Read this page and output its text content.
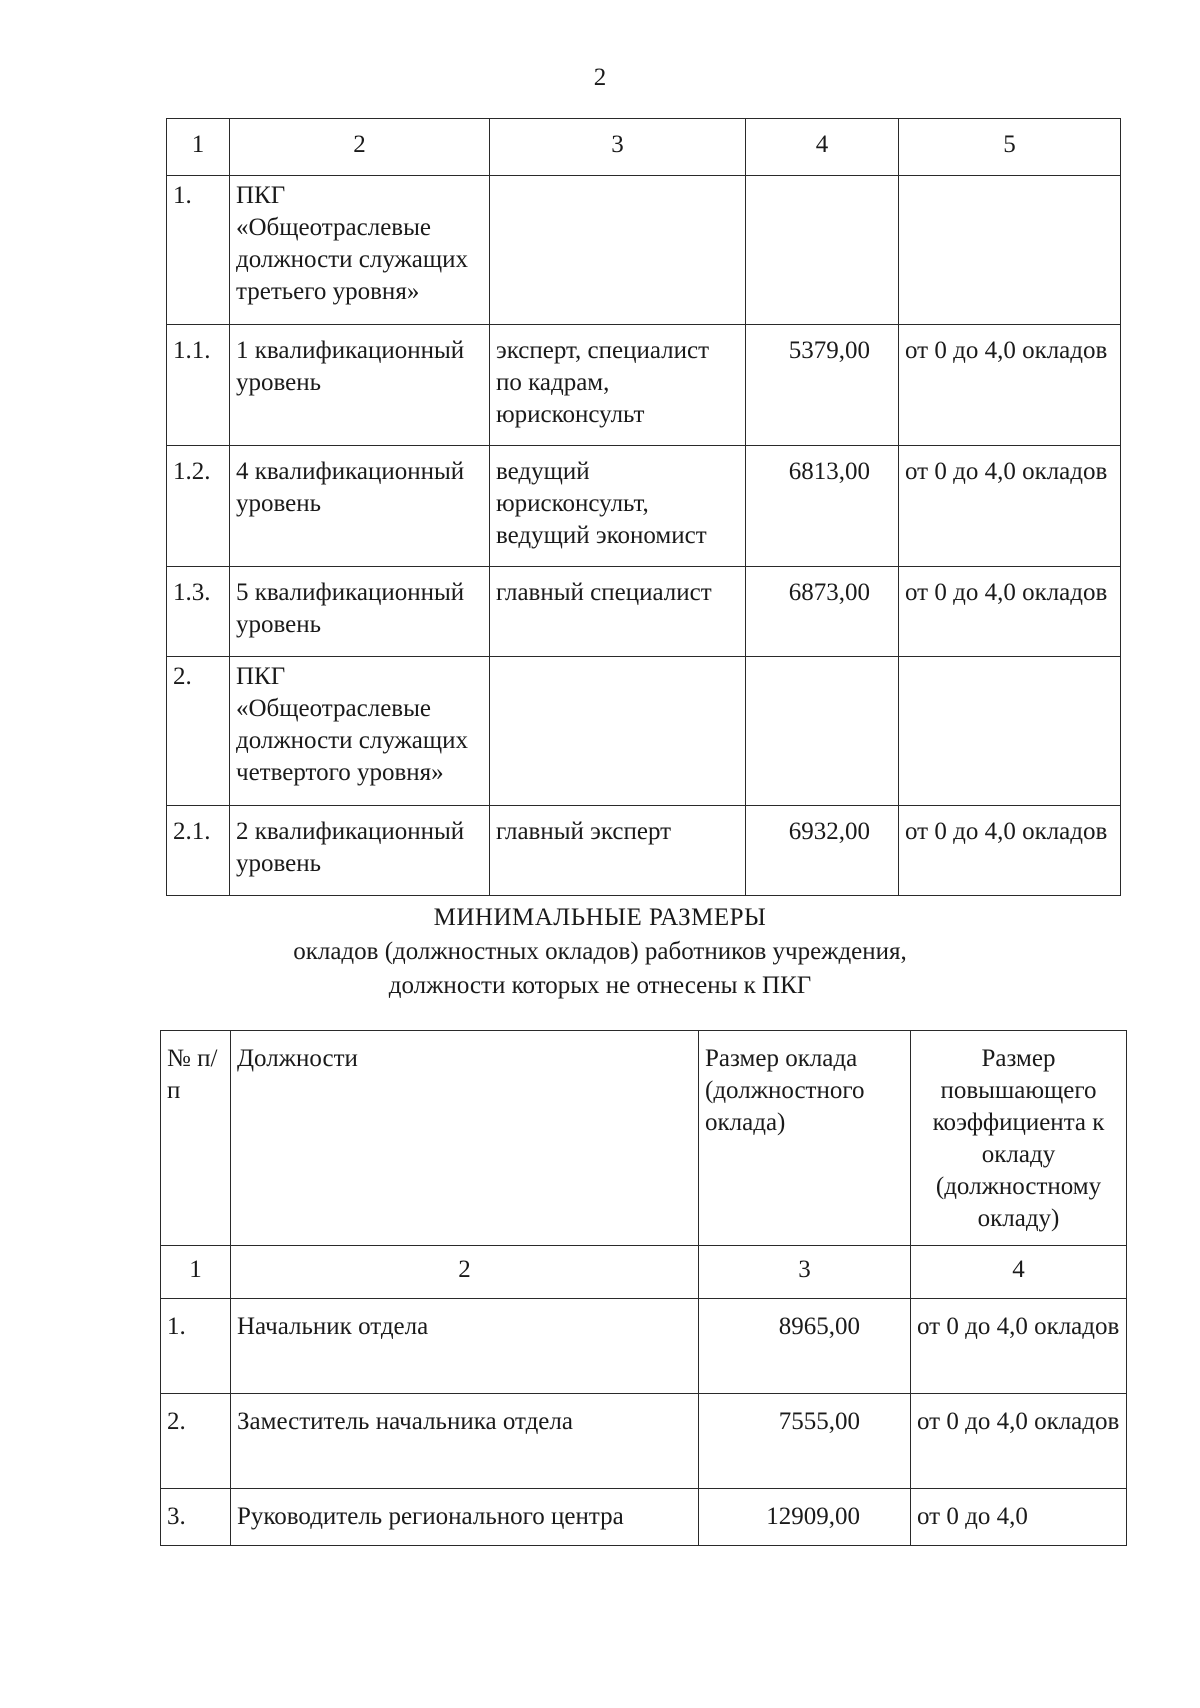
2
1	2	3	4	5
1.	ПКГ «Общеотраслевые должности служащих третьего уровня»			
1.1.	1 квалификационный уровень	эксперт, специалист по кадрам, юрисконсульт	5379,00	от 0 до 4,0 окладов
1.2.	4 квалификационный уровень	ведущий юрисконсульт, ведущий экономист	6813,00	от 0 до 4,0 окладов
1.3.	5 квалификационный уровень	главный специалист	6873,00	от 0 до 4,0 окладов
2.	ПКГ «Общеотраслевые должности служащих четвертого уровня»			
2.1.	2 квалификационный уровень	главный эксперт	6932,00	от 0 до 4,0 окладов
МИНИМАЛЬНЫЕ РАЗМЕРЫ
окладов (должностных окладов) работников учреждения,
должности которых не отнесены к ПКГ
№ п/п	Должности	Размер оклада (должностного оклада)	Размер повышающего коэффициента к окладу (должностному окладу)
1	2	3	4
1.	Начальник отдела	8965,00	от 0 до 4,0 окладов
2.	Заместитель начальника отдела	7555,00	от 0 до 4,0 окладов
3.	Руководитель регионального центра	12909,00	от 0 до 4,0
